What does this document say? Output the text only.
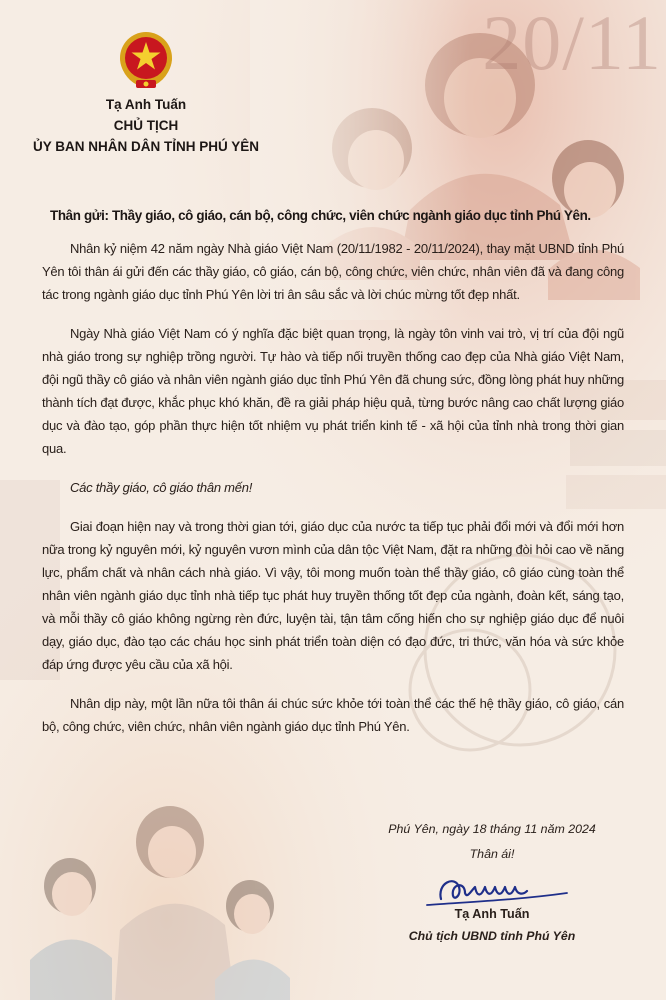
20/11
Tạ Anh Tuấn
CHỦ TỊCH
ỦY BAN NHÂN DÂN TỈNH PHÚ YÊN
Thân gửi: Thầy giáo, cô giáo, cán bộ, công chức, viên chức ngành giáo dục tỉnh Phú Yên.

Nhân kỷ niệm 42 năm ngày Nhà giáo Việt Nam (20/11/1982 - 20/11/2024), thay mặt UBND tỉnh Phú Yên tôi thân ái gửi đến các thầy giáo, cô giáo, cán bộ, công chức, viên chức, nhân viên đã và đang công tác trong ngành giáo dục tỉnh Phú Yên lời tri ân sâu sắc và lời chúc mừng tốt đẹp nhất.

Ngày Nhà giáo Việt Nam có ý nghĩa đặc biệt quan trọng, là ngày tôn vinh vai trò, vị trí của đội ngũ nhà giáo trong sự nghiệp trồng người. Tự hào và tiếp nối truyền thống cao đẹp của Nhà giáo Việt Nam, đội ngũ thầy cô giáo và nhân viên ngành giáo dục tỉnh Phú Yên đã chung sức, đồng lòng phát huy những thành tích đạt được, khắc phục khó khăn, đề ra giải pháp hiệu quả, từng bước nâng cao chất lượng giáo dục và đào tạo, góp phần thực hiện tốt nhiệm vụ phát triển kinh tế - xã hội của tỉnh nhà trong thời gian qua.

Các thầy giáo, cô giáo thân mến!

Giai đoạn hiện nay và trong thời gian tới, giáo dục của nước ta tiếp tục phải đổi mới và đổi mới hơn nữa trong kỷ nguyên mới, kỷ nguyên vươn mình của dân tộc Việt Nam, đặt ra những đòi hỏi cao về năng lực, phẩm chất và nhân cách nhà giáo. Vì vậy, tôi mong muốn toàn thể thầy giáo, cô giáo cùng toàn thể nhân viên ngành giáo dục tỉnh nhà tiếp tục phát huy truyền thống tốt đẹp của ngành, đoàn kết, sáng tạo, và mỗi thầy cô giáo không ngừng rèn đức, luyện tài, tận tâm cống hiến cho sự nghiệp giáo dục để nuôi dạy, giáo dục, đào tạo các cháu học sinh phát triển toàn diện có đạo đức, tri thức, văn hóa và sức khỏe đáp ứng được yêu cầu của xã hội.

Nhân dịp này, một lần nữa tôi thân ái chúc sức khỏe tới toàn thể các thế hệ thầy giáo, cô giáo, cán bộ, công chức, viên chức, nhân viên ngành giáo dục tỉnh Phú Yên.

Phú Yên, ngày 18 tháng 11 năm 2024
Thân ái!
Tạ Anh Tuấn
Chủ tịch UBND tỉnh Phú Yên
